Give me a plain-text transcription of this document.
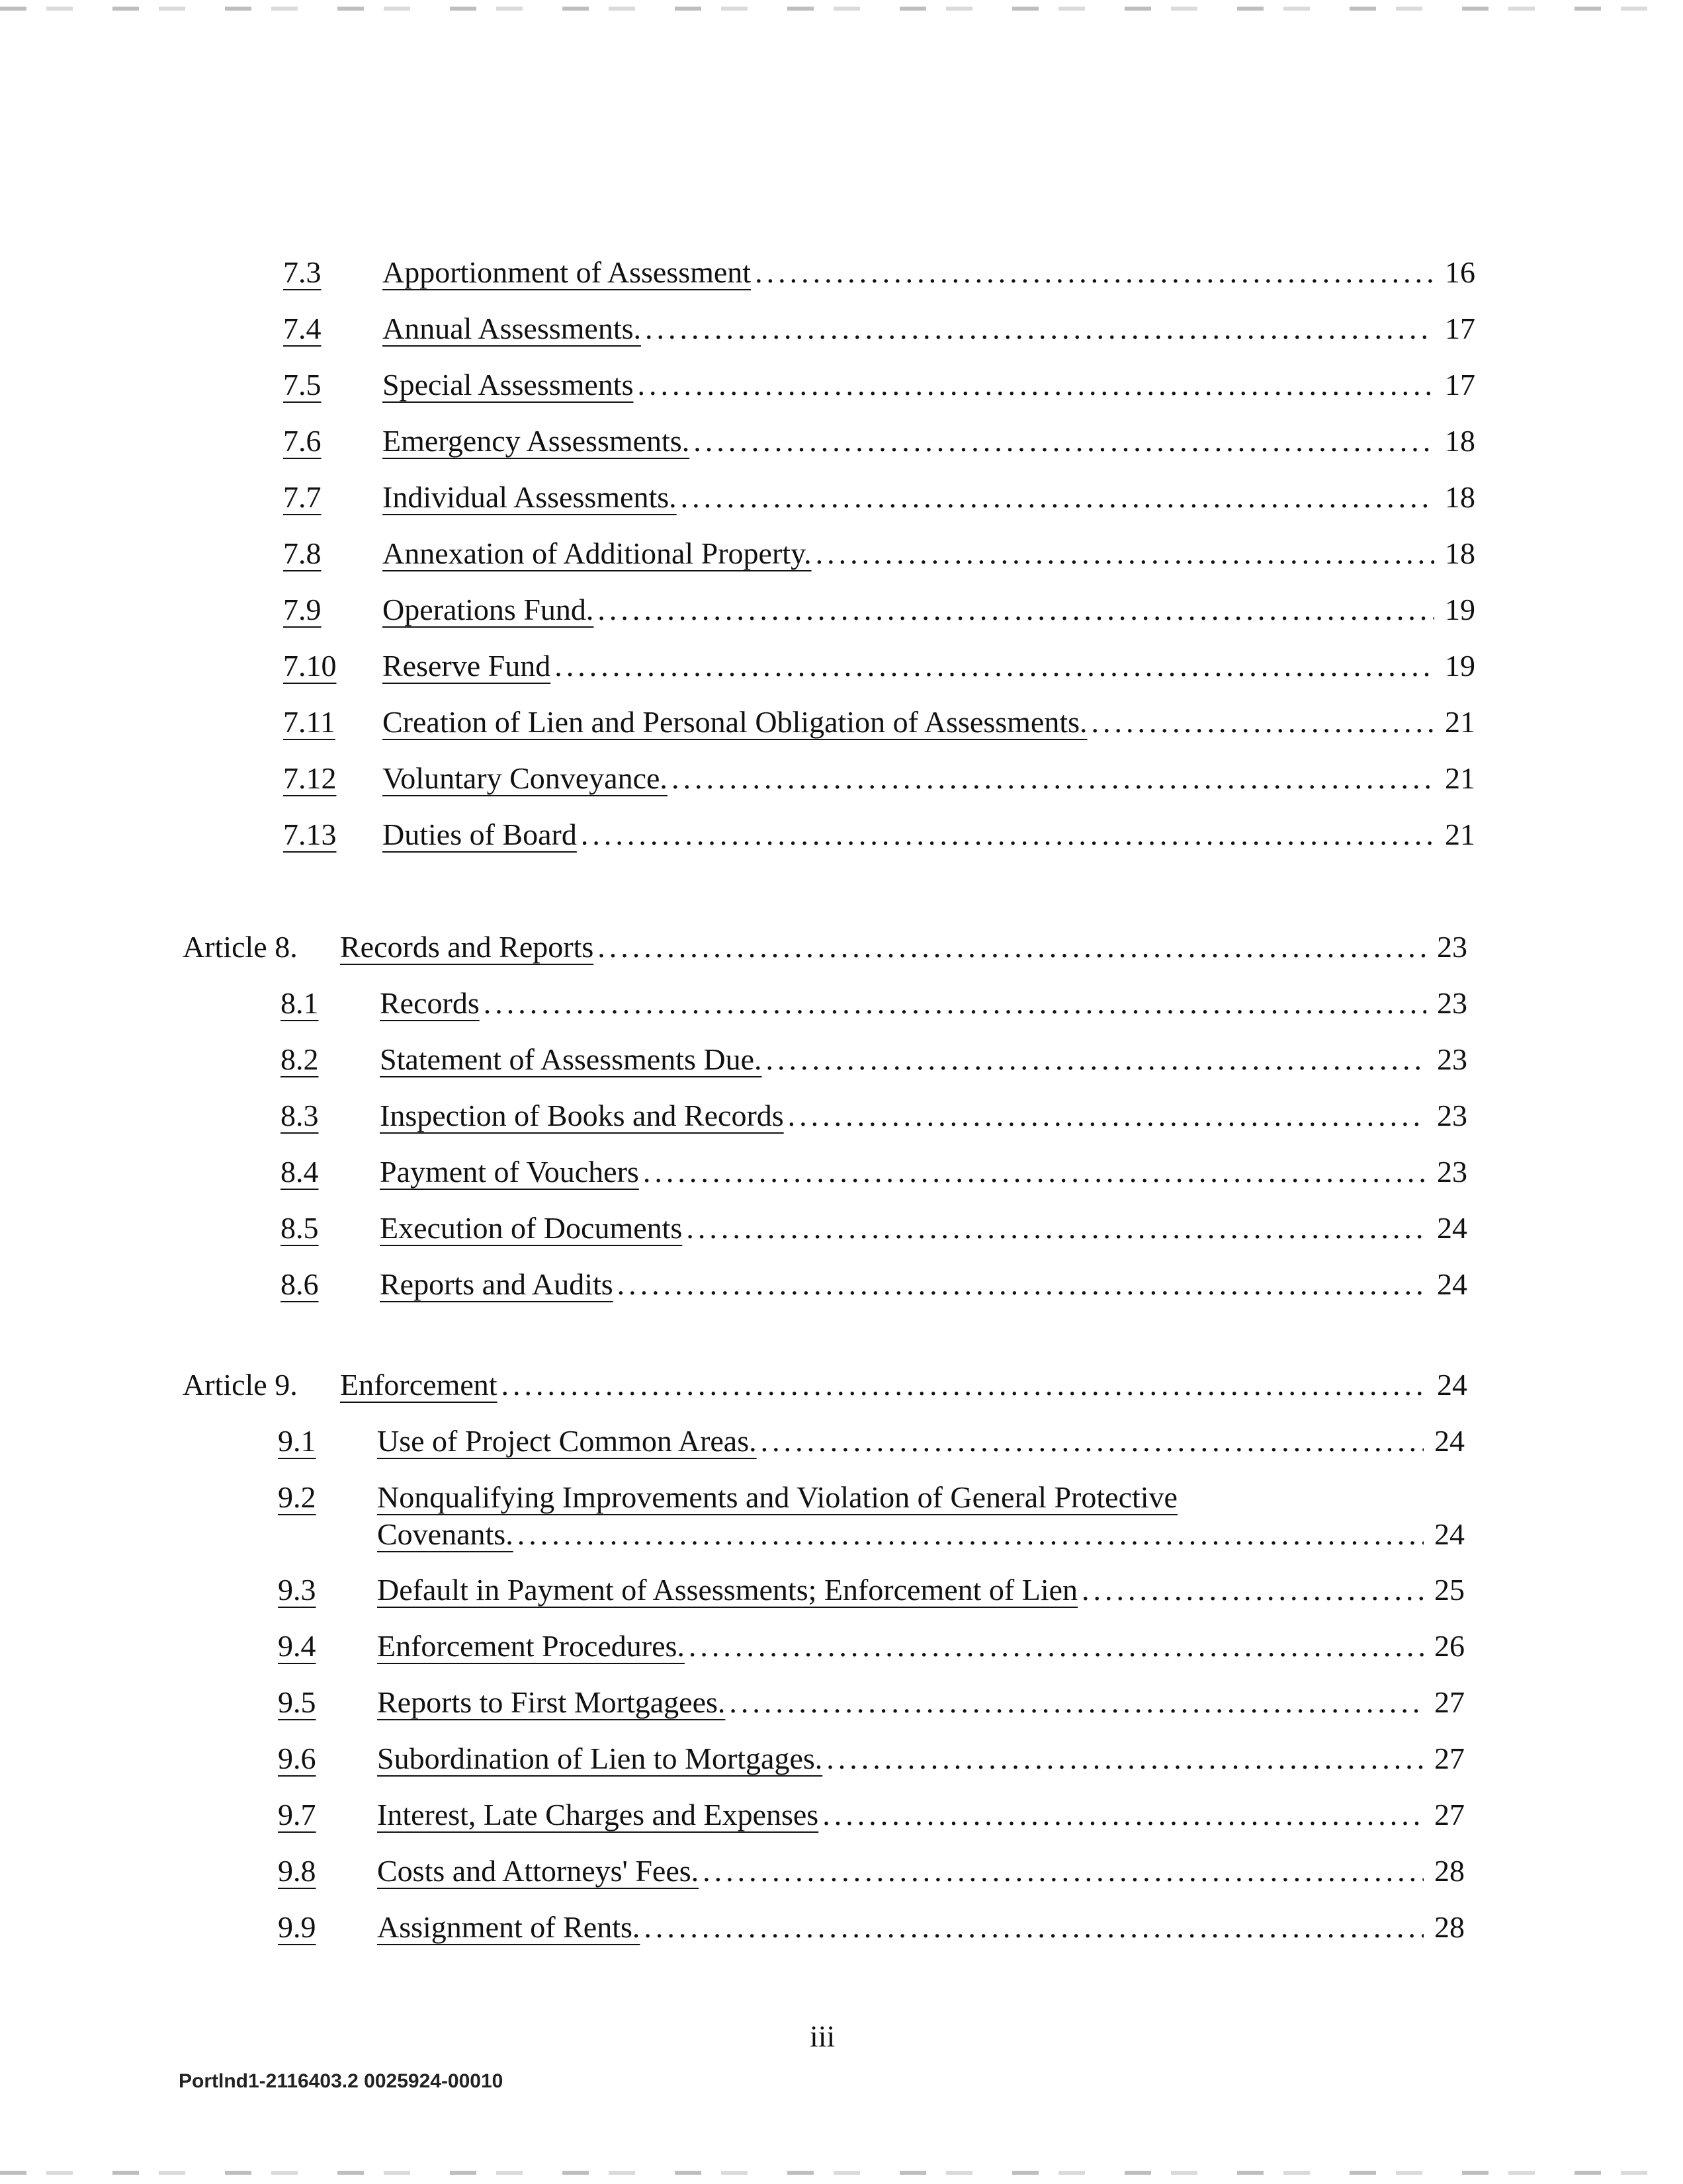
7.3 Apportionment of Assessment .....	16
7.4 Annual Assessments. .....	17
7.5 Special Assessments .....	17
7.6 Emergency Assessments. .....	18
7.7 Individual Assessments. .....	18
7.8 Annexation of Additional Property. .....	18
7.9 Operations Fund. .....	19
7.10 Reserve Fund .....	19
7.11 Creation of Lien and Personal Obligation of Assessments. .....	21
7.12 Voluntary Conveyance. .....	21
7.13 Duties of Board .....	21
Article 8. Records and Reports .....	23
8.1 Records .....	23
8.2 Statement of Assessments Due. .....	23
8.3 Inspection of Books and Records .....	23
8.4 Payment of Vouchers .....	23
8.5 Execution of Documents .....	24
8.6 Reports and Audits .....	24
Article 9. Enforcement .....	24
9.1 Use of Project Common Areas. .....	24
9.2 Nonqualifying Improvements and Violation of General Protective
Covenants. .....	24
9.3 Default in Payment of Assessments; Enforcement of Lien .....	25
9.4 Enforcement Procedures. .....	26
9.5 Reports to First Mortgagees. .....	27
9.6 Subordination of Lien to Mortgages. .....	27
9.7 Interest, Late Charges and Expenses .....	27
9.8 Costs and Attorneys' Fees. .....	28
9.9 Assignment of Rents. .....	28
iii
Portlnd1-2116403.2 0025924-00010
